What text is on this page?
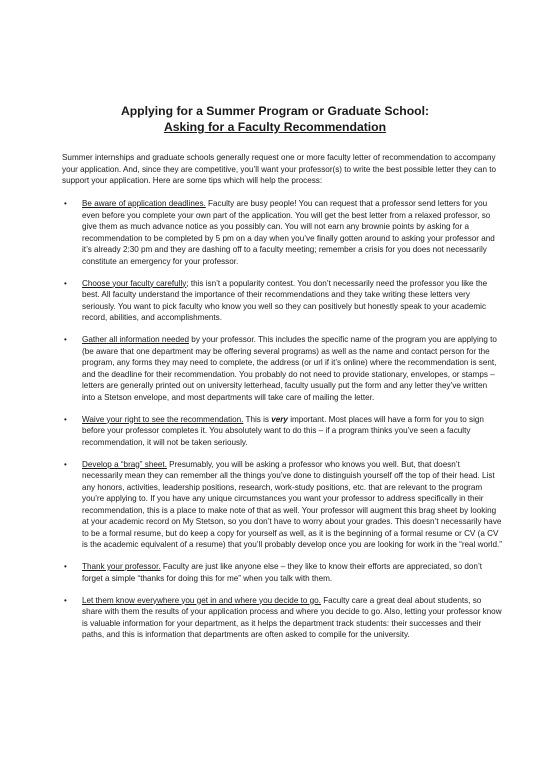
Applying for a Summer Program or Graduate School:

Asking for a Faculty Recommendation

Summer internships and graduate schools generally request one or more faculty letter of recommendation to accompany your application. And, since they are competitive, you’ll want your professor(s) to write the best possible letter they can to support your application. Here are some tips which will help the process:

• Be aware of application deadlines. Faculty are busy people! You can request that a professor send letters for you even before you complete your own part of the application. You will get the best letter from a relaxed professor, so give them as much advance notice as you possibly can. You will not earn any brownie points by asking for a recommendation to be completed by 5 pm on a day when you’ve finally gotten around to asking your professor and it’s already 2:30 pm and they are dashing off to a faculty meeting; remember a crisis for you does not necessarily constitute an emergency for your professor.
• Choose your faculty carefully; this isn’t a popularity contest. You don’t necessarily need the professor you like the best. All faculty understand the importance of their recommendations and they take writing these letters very seriously. You want to pick faculty who know you well so they can positively but honestly speak to your academic record, abilities, and accomplishments.
• Gather all information needed by your professor. This includes the specific name of the program you are applying to (be aware that one department may be offering several programs) as well as the name and contact person for the program, any forms they may need to complete, the address (or url if it’s online) where the recommendation is sent, and the deadline for their recommendation. You probably do not need to provide stationary, envelopes, or stamps – letters are generally printed out on university letterhead, faculty usually put the form and any letter they’ve written into a Stetson envelope, and most departments will take care of mailing the letter.
• Waive your right to see the recommendation. This is very important. Most places will have a form for you to sign before your professor completes it. You absolutely want to do this – if a program thinks you’ve seen a faculty recommendation, it will not be taken seriously.
• Develop a “brag” sheet. Presumably, you will be asking a professor who knows you well. But, that doesn’t necessarily mean they can remember all the things you’ve done to distinguish yourself off the top of their head. List any honors, activities, leadership positions, research, work-study positions, etc. that are relevant to the program you’re applying to. If you have any unique circumstances you want your professor to address specifically in their recommendation, this is a place to make note of that as well. Your professor will augment this brag sheet by looking at your academic record on My Stetson, so you don’t have to worry about your grades. This doesn’t necessarily have to be a formal resume, but do keep a copy for yourself as well, as it is the beginning of a formal resume or CV (a CV is the academic equivalent of a resume) that you’ll probably develop once you are looking for work in the “real world.”
• Thank your professor. Faculty are just like anyone else – they like to know their efforts are appreciated, so don’t forget a simple “thanks for doing this for me” when you talk with them.
• Let them know everywhere you get in and where you decide to go. Faculty care a great deal about students, so share with them the results of your application process and where you decide to go. Also, letting your professor know is valuable information for your department, as it helps the department track students: their successes and their paths, and this is information that departments are often asked to compile for the university.
